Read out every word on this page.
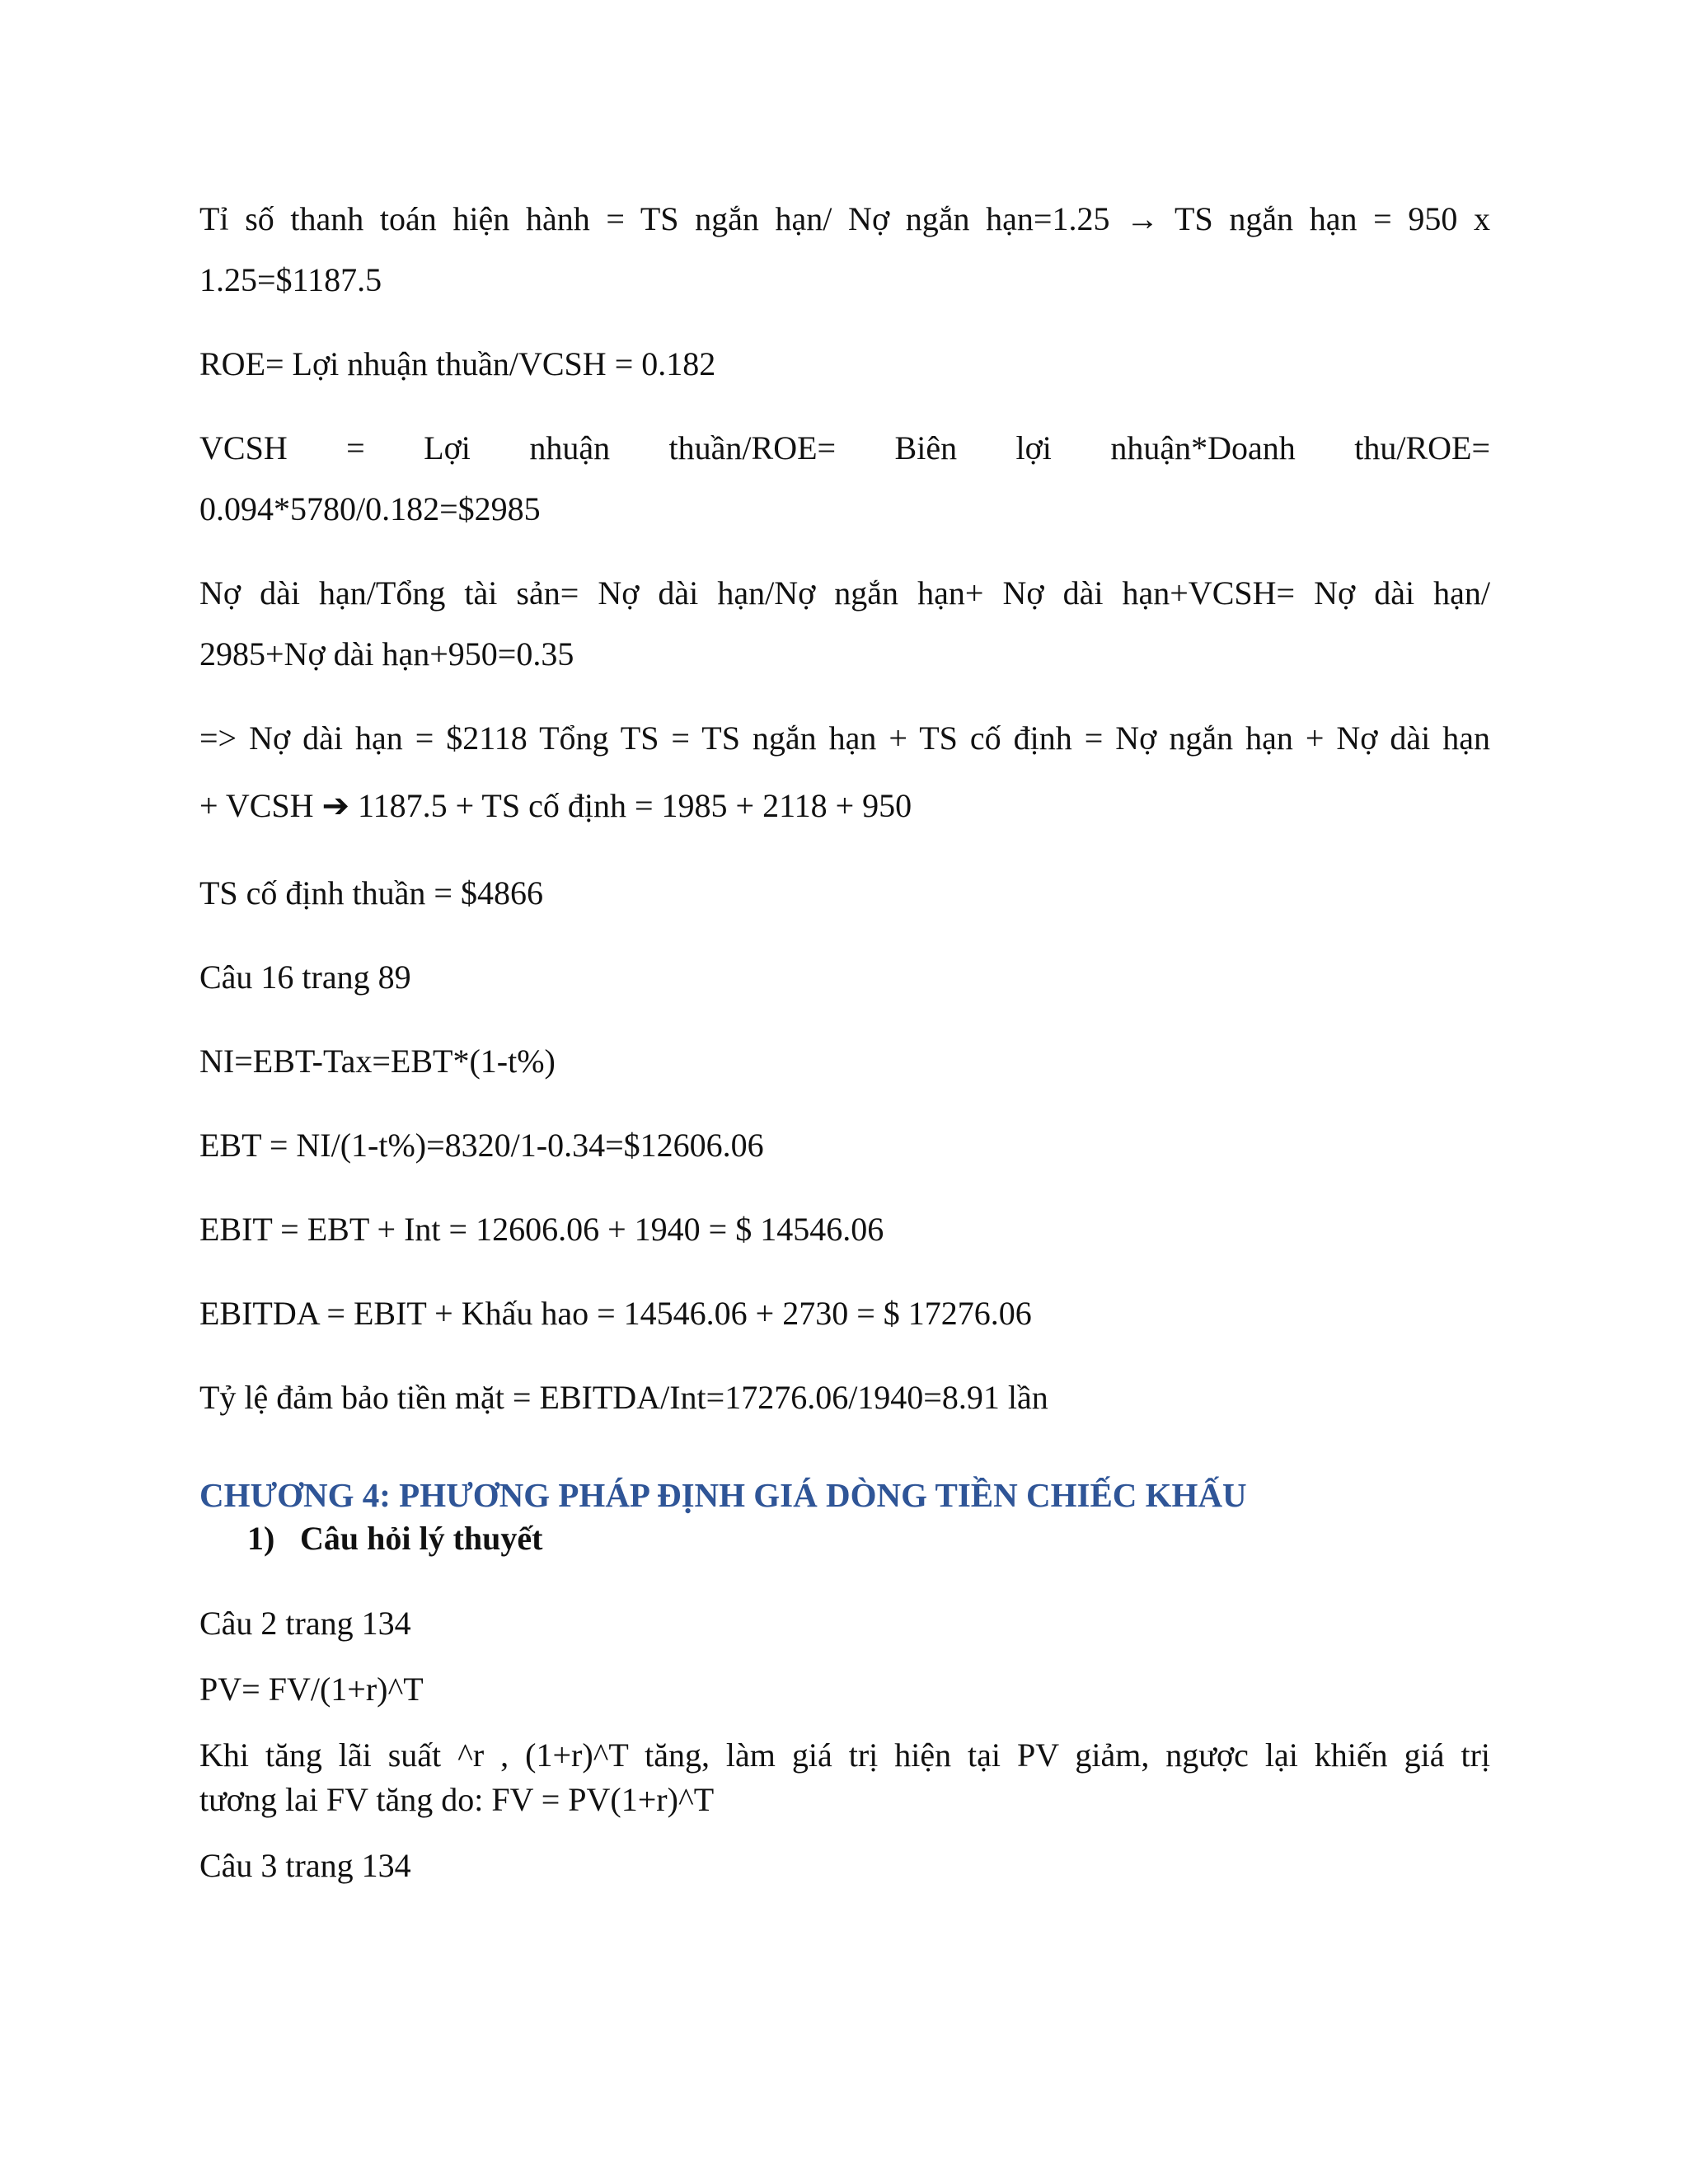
Tỉ số thanh toán hiện hành = TS ngắn hạn/ Nợ ngắn hạn=1.25 → TS ngắn hạn = 950 x

1.25=$1187.5

ROE= Lợi nhuận thuần/VCSH = 0.182

VCSH = Lợi nhuận thuần/ROE= Biên lợi nhuận*Doanh thu/ROE=

0.094*5780/0.182=$2985

Nợ dài hạn/Tổng tài sản= Nợ dài hạn/Nợ ngắn hạn+ Nợ dài hạn+VCSH= Nợ dài hạn/

2985+Nợ dài hạn+950=0.35

=> Nợ dài hạn = $2118 Tổng TS = TS ngắn hạn + TS cố định = Nợ ngắn hạn + Nợ dài hạn

+ VCSH ➔ 1187.5 + TS cố định = 1985 + 2118 + 950

TS cố định thuần = $4866

Câu 16 trang 89

NI=EBT-Tax=EBT*(1-t%)

EBT = NI/(1-t%)=8320/1-0.34=$12606.06

EBIT = EBT + Int = 12606.06 + 1940 = $ 14546.06

EBITDA = EBIT + Khấu hao = 14546.06 + 2730 = $ 17276.06

Tỷ lệ đảm bảo tiền mặt = EBITDA/Int=17276.06/1940=8.91 lần

CHƯƠNG 4: PHƯƠNG PHÁP ĐỊNH GIÁ DÒNG TIỀN CHIẾC KHẤU
1) Câu hỏi lý thuyết

Câu 2 trang 134

PV= FV/(1+r)^T

Khi tăng lãi suất ^r , (1+r)^T tăng, làm giá trị hiện tại PV giảm, ngược lại khiến giá trị

tương lai FV tăng do: FV = PV(1+r)^T

Câu 3 trang 134
